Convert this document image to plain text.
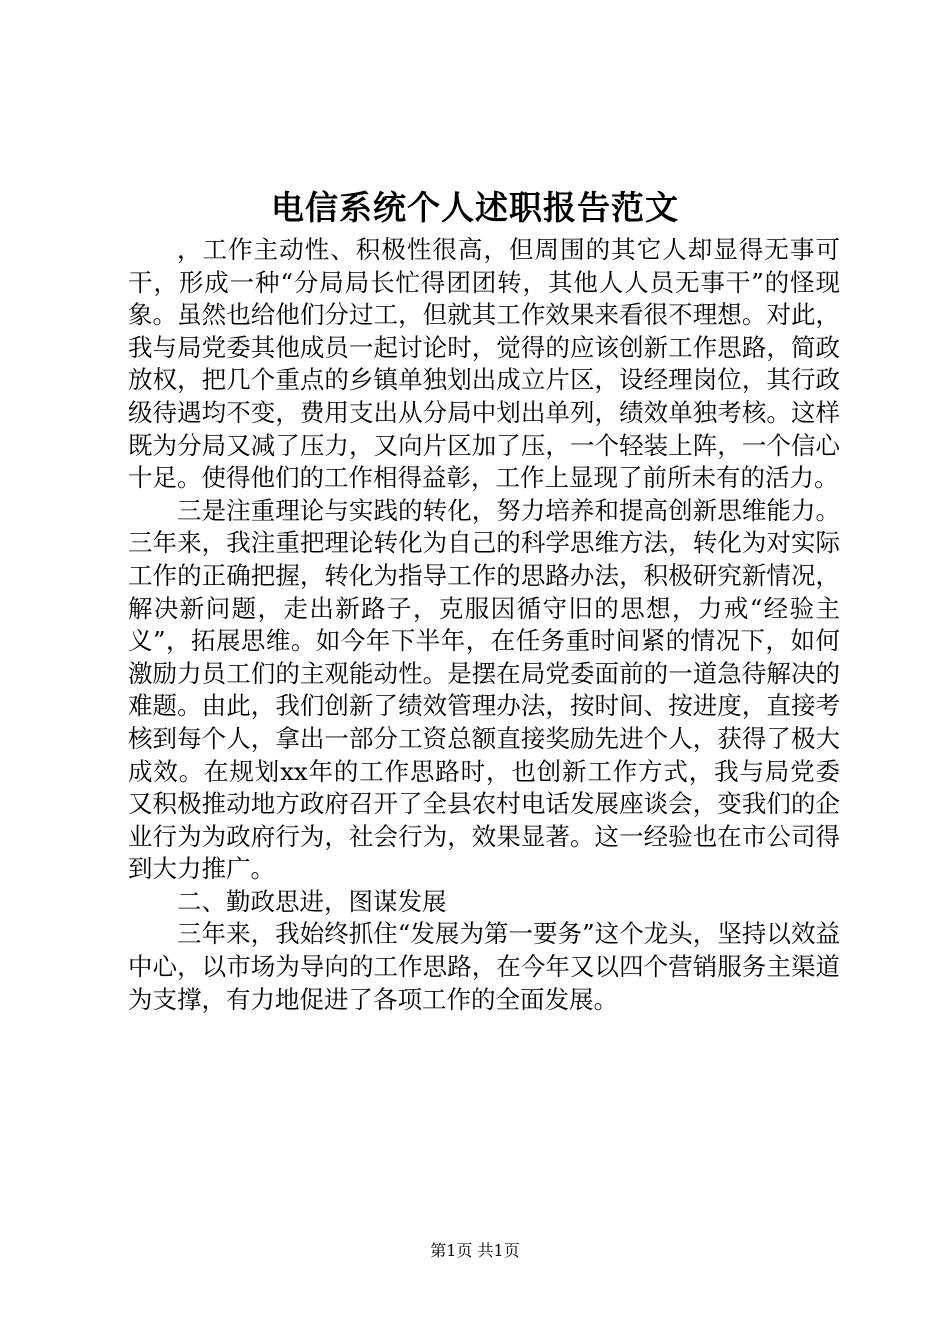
电信系统个人述职报告范文

，工作主动性、积极性很高，但周围的其它人却显得无事可干，形成一种“分局局长忙得团团转，其他人人员无事干”的怪现象。虽然也给他们分过工，但就其工作效果来看很不理想。对此，我与局党委其他成员一起讨论时，觉得的应该创新工作思路，简政放权，把几个重点的乡镇单独划出成立片区，设经理岗位，其行政级待遇均不变，费用支出从分局中划出单列，绩效单独考核。这样既为分局又减了压力，又向片区加了压，一个轻装上阵，一个信心十足。使得他们的工作相得益彰，工作上显现了前所未有的活力。

三是注重理论与实践的转化，努力培养和提高创新思维能力。三年来，我注重把理论转化为自己的科学思维方法，转化为对实际工作的正确把握，转化为指导工作的思路办法，积极研究新情况，解决新问题，走出新路子，克服因循守旧的思想，力戒“经验主义”，拓展思维。如今年下半年，在任务重时间紧的情况下，如何激励力员工们的主观能动性。是摆在局党委面前的一道急待解决的难题。由此，我们创新了绩效管理办法，按时间、按进度，直接考核到每个人，拿出一部分工资总额直接奖励先进个人，获得了极大成效。在规划xx年的工作思路时，也创新工作方式，我与局党委又积极推动地方政府召开了全县农村电话发展座谈会，变我们的企业行为为政府行为，社会行为，效果显著。这一经验也在市公司得到大力推广。

二、勤政思进，图谋发展

三年来，我始终抓住“发展为第一要务”这个龙头，坚持以效益中心，以市场为导向的工作思路，在今年又以四个营销服务主渠道为支撑，有力地促进了各项工作的全面发展。

第1页 共1页
